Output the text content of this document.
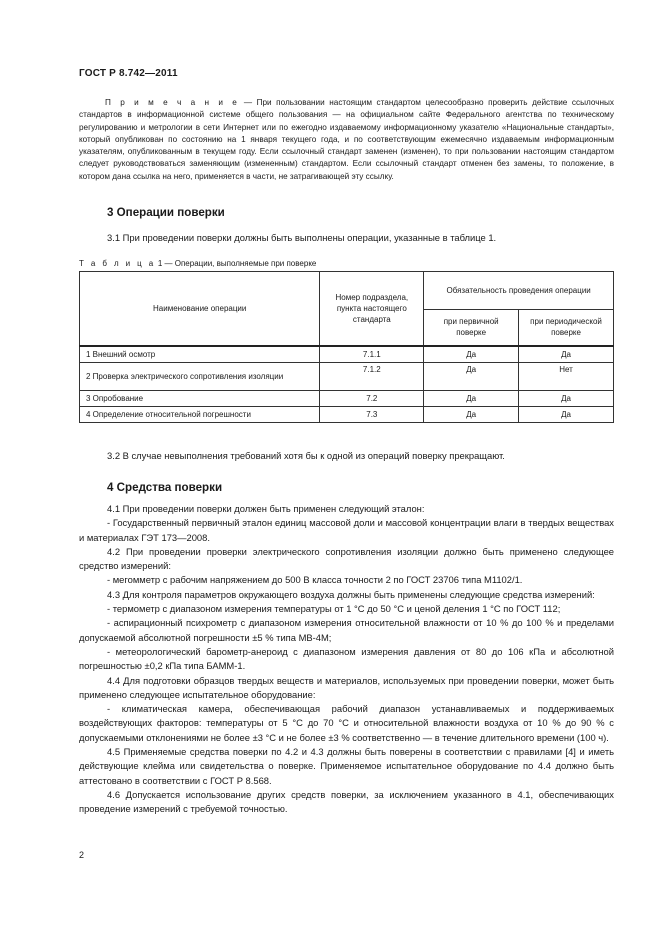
ГОСТ Р 8.742—2011

П р и м е ч а н и е — При пользовании настоящим стандартом целесообразно проверить действие ссылочных стандартов в информационной системе общего пользования — на официальном сайте Федерального агентства по техническому регулированию и метрологии в сети Интернет или по ежегодно издаваемому информационному указателю «Национальные стандарты», который опубликован по состоянию на 1 января текущего года, и по соответствующим ежемесячно издаваемым информационным указателям, опубликованным в текущем году. Если ссылочный стандарт заменен (изменен), то при пользовании настоящим стандартом следует руководствоваться заменяющим (измененным) стандартом. Если ссылочный стандарт отменен без замены, то положение, в котором дана ссылка на него, применяется в части, не затрагивающей эту ссылку.

3 Операции поверки

3.1 При проведении поверки должны быть выполнены операции, указанные в таблице 1.

Т а б л и ц а 1 — Операции, выполняемые при поверке
Наименование операции	Номер подраздела, пункта настоящего стандарта	Обязательность проведения операции	
		при первичной поверке	при периодической поверке
1 Внешний осмотр	7.1.1	Да	Да
2 Проверка электрического сопротивления изоляции	7.1.2	Да	Нет
3 Опробование	7.2	Да	Да
4 Определение относительной погрешности	7.3	Да	Да

3.2 В случае невыполнения требований хотя бы к одной из операций поверку прекращают.

4 Средства поверки

4.1 При проведении поверки должен быть применен следующий эталон:

- Государственный первичный эталон единиц массовой доли и массовой концентрации влаги в твердых веществах и материалах ГЭТ 173—2008.

4.2 При проведении проверки электрического сопротивления изоляции должно быть применено следующее средство измерений:

- мегомметр с рабочим напряжением до 500 В класса точности 2 по ГОСТ 23706 типа М1102/1.

4.3 Для контроля параметров окружающего воздуха должны быть применены следующие средства измерений:

- термометр с диапазоном измерения температуры от 1 °С до 50 °С и ценой деления 1 °С по ГОСТ 112;

- аспирационный психрометр с диапазоном измерения относительной влажности от 10 % до 100 % и пределами допускаемой абсолютной погрешности ±5 % типа МВ-4М;

- метеорологический барометр-анероид с диапазоном измерения давления от 80 до 106 кПа и абсолютной погрешностью ±0,2 кПа типа БАММ-1.

4.4 Для подготовки образцов твердых веществ и материалов, используемых при проведении поверки, может быть применено следующее испытательное оборудование:

- климатическая камера, обеспечивающая рабочий диапазон устанавливаемых и поддерживаемых воздействующих факторов: температуры от 5 °С до 70 °С и относительной влажности воздуха от 10 % до 90 % с допускаемыми отклонениями не более ±3 °С и не более ±3 % соответственно — в течение длительного времени (100 ч).

4.5 Применяемые средства поверки по 4.2 и 4.3 должны быть поверены в соответствии с правилами [4] и иметь действующие клейма или свидетельства о поверке. Применяемое испытательное оборудование по 4.4 должно быть аттестовано в соответствии с ГОСТ Р 8.568.

4.6 Допускается использование других средств поверки, за исключением указанного в 4.1, обеспечивающих проведение измерений с требуемой точностью.

2
